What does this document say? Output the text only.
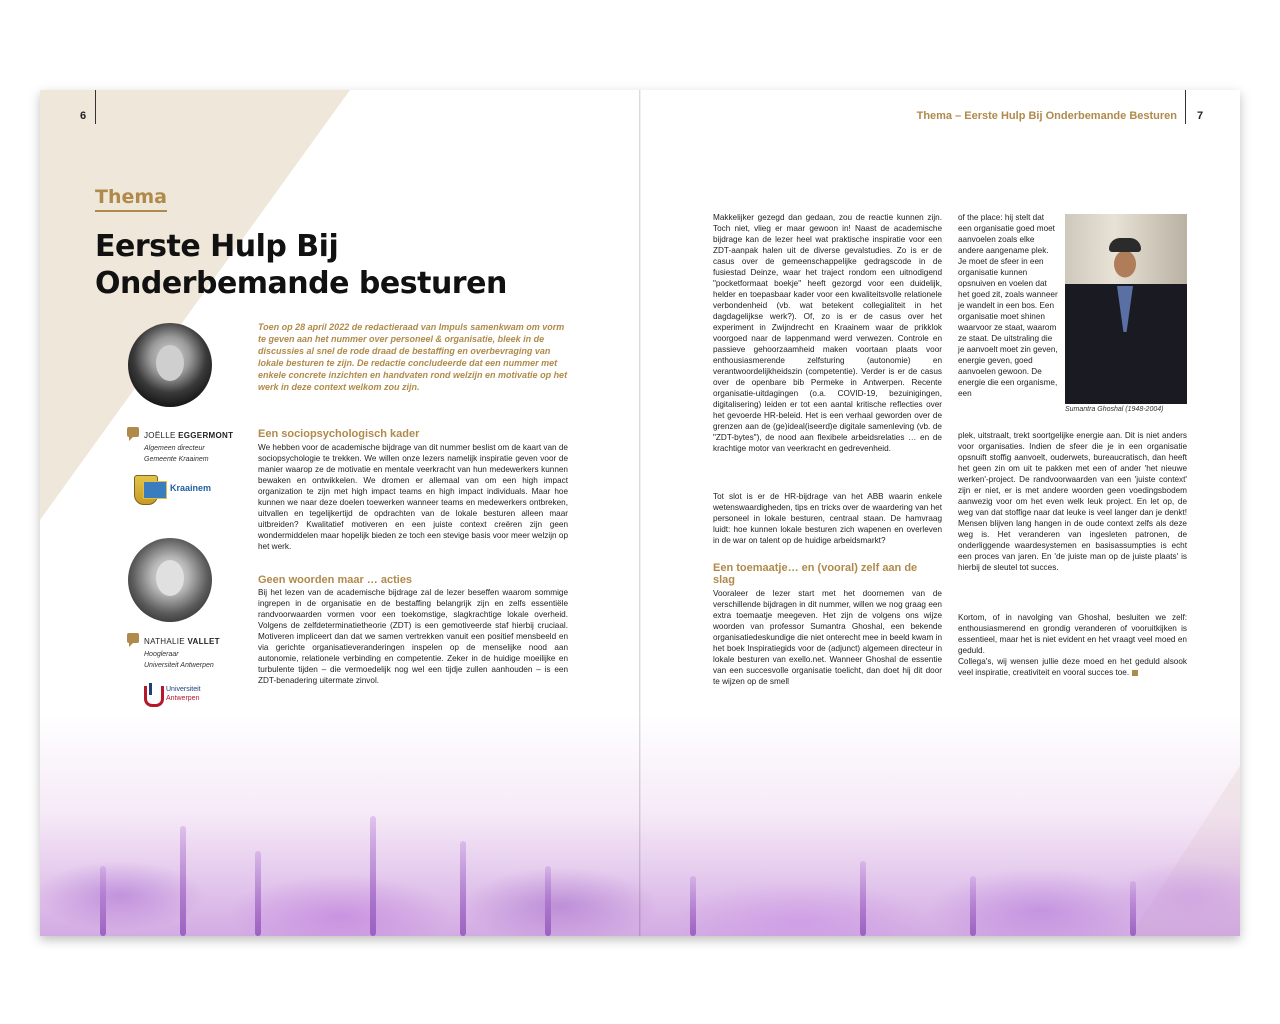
6
Thema
Eerste Hulp Bij Onderbemande besturen
Toen op 28 april 2022 de redactieraad van Impuls samenkwam om vorm te geven aan het nummer over personeel & organisatie, bleek in de discussies al snel de rode draad de bestaffing en overbevraging van lokale besturen te zijn. De redactie concludeerde dat een nummer met enkele concrete inzichten en handvaten rond welzijn en motivatie op het werk in deze context welkom zou zijn.
JOËLLE EGGERMONT
Algemeen directeur
Gemeente Kraainem
Kraainem
NATHALIE VALLET
Hoogleraar
Universiteit Antwerpen
Universiteit
Antwerpen
Een sociopsychologisch kader
We hebben voor de academische bijdrage van dit nummer beslist om de kaart van de sociopsychologie te trekken. We willen onze lezers namelijk inspiratie geven voor de manier waarop ze de motivatie en mentale veerkracht van hun medewerkers kunnen bewaken en ontwikkelen. We dromen er allemaal van om een high impact organization te zijn met high impact teams en high impact individuals. Maar hoe kunnen we naar deze doelen toewerken wanneer teams en medewerkers ontbreken, uitvallen en tegelijkertijd de opdrachten van de lokale besturen alleen maar uitbreiden? Kwalitatief motiveren en een juiste context creëren zijn geen wondermiddelen maar hopelijk bieden ze toch een stevige basis voor meer welzijn op het werk.
Geen woorden maar … acties
Bij het lezen van de academische bijdrage zal de lezer beseffen waarom sommige ingrepen in de organisatie en de bestaffing belangrijk zijn en zelfs essentiële randvoorwaarden vormen voor een toekomstige, slagkrachtige lokale overheid. Volgens de zelfdeterminatietheorie (ZDT) is een gemotiveerde staf hierbij cruciaal. Motiveren impliceert dan dat we samen vertrekken vanuit een positief mensbeeld en via gerichte organisatieveranderingen inspelen op de menselijke nood aan autonomie, relationele verbinding en competentie. Zeker in de huidige moeilijke en turbulente tijden – die vermoedelijk nog wel een tijdje zullen aanhouden – is een ZDT-benadering uitermate zinvol.
Thema – Eerste Hulp Bij Onderbemande Besturen 7
Makkelijker gezegd dan gedaan, zou de reactie kunnen zijn. Toch niet, vlieg er maar gewoon in! Naast de academische bijdrage kan de lezer heel wat praktische inspiratie voor een ZDT-aanpak halen uit de diverse gevalstudies. Zo is er de casus over de gemeenschappelijke gedragscode in de fusiestad Deinze, waar het traject rondom een uitnodigend "pocketformaat boekje" heeft gezorgd voor een duidelijk, helder en toepasbaar kader voor een kwaliteitsvolle relationele verbondenheid (vb. wat betekent collegialiteit in het dagdagelijkse werk?). Of, zo is er de casus over het experiment in Zwijndrecht en Kraainem waar de prikklok voorgoed naar de lappenmand werd verwezen. Controle en passieve gehoorzaamheid maken voortaan plaats voor enthousiasmerende zelfsturing (autonomie) en verantwoordelijkheidszin (competentie). Verder is er de casus over de openbare bib Permeke in Antwerpen. Recente organisatie-uitdagingen (o.a. COVID-19, bezuinigingen, digitalisering) leiden er tot een aantal kritische reflecties over het gevoerde HR-beleid. Het is een verhaal geworden over de grenzen aan de (ge)ideal(iseerd)e digitale samenleving (vb. de "ZDT-bytes"), de nood aan flexibele arbeidsrelaties … en de krachtige motor van veerkracht en gedrevenheid.
Tot slot is er de HR-bijdrage van het ABB waarin enkele wetenswaardigheden, tips en tricks over de waardering van het personeel in lokale besturen, centraal staan. De hamvraag luidt: hoe kunnen lokale besturen zich wapenen en overleven in de war on talent op de huidige arbeidsmarkt?
Een toemaatje… en (vooral) zelf aan de slag
Vooraleer de lezer start met het doornemen van de verschillende bijdragen in dit nummer, willen we nog graag een extra toemaatje meegeven. Het zijn de volgens ons wijze woorden van professor Sumantra Ghoshal, een bekende organisatiedeskundige die niet onterecht mee in beeld kwam in het boek Inspiratiegids voor de (adjunct) algemeen directeur in lokale besturen van exello.net. Wanneer Ghoshal de essentie van een succesvolle organisatie toelicht, dan doet hij dit door te wijzen op de smell
of the place: hij stelt dat een organisatie goed moet aanvoelen zoals elke andere aangename plek. Je moet de sfeer in een organisatie kunnen opsnuiven en voelen dat het goed zit, zoals wanneer je wandelt in een bos. Een organisatie moet shinen waarvoor ze staat, waarom ze staat. De uitstraling die je aanvoelt moet zin geven, energie geven, goed aanvoelen gewoon. De energie die een organisme, een
Sumantra Ghoshal (1948-2004)
plek, uitstraalt, trekt soortgelijke energie aan. Dit is niet anders voor organisaties. Indien de sfeer die je in een organisatie opsnuift stoffig aanvoelt, ouderwets, bureaucratisch, dan heeft het geen zin om uit te pakken met een of ander 'het nieuwe werken'-project. De randvoorwaarden van een 'juiste context' zijn er niet, er is met andere woorden geen voedingsbodem aanwezig voor om het even welk leuk project. En let op, de weg van dat stoffige naar dat leuke is veel langer dan je denkt! Mensen blijven lang hangen in de oude context zelfs als deze weg is. Het veranderen van ingesleten patronen, de onderliggende waardesystemen en basisassumpties is echt een proces van jaren. En 'de juiste man op de juiste plaats' is hierbij de sleutel tot succes.
Kortom, of in navolging van Ghoshal, besluiten we zelf: enthousiasmerend en grondig veranderen of vooruitkijken is essentieel, maar het is niet evident en het vraagt veel moed en geduld.
Collega's, wij wensen jullie deze moed en het geduld alsook veel inspiratie, creativiteit en vooral succes toe.
